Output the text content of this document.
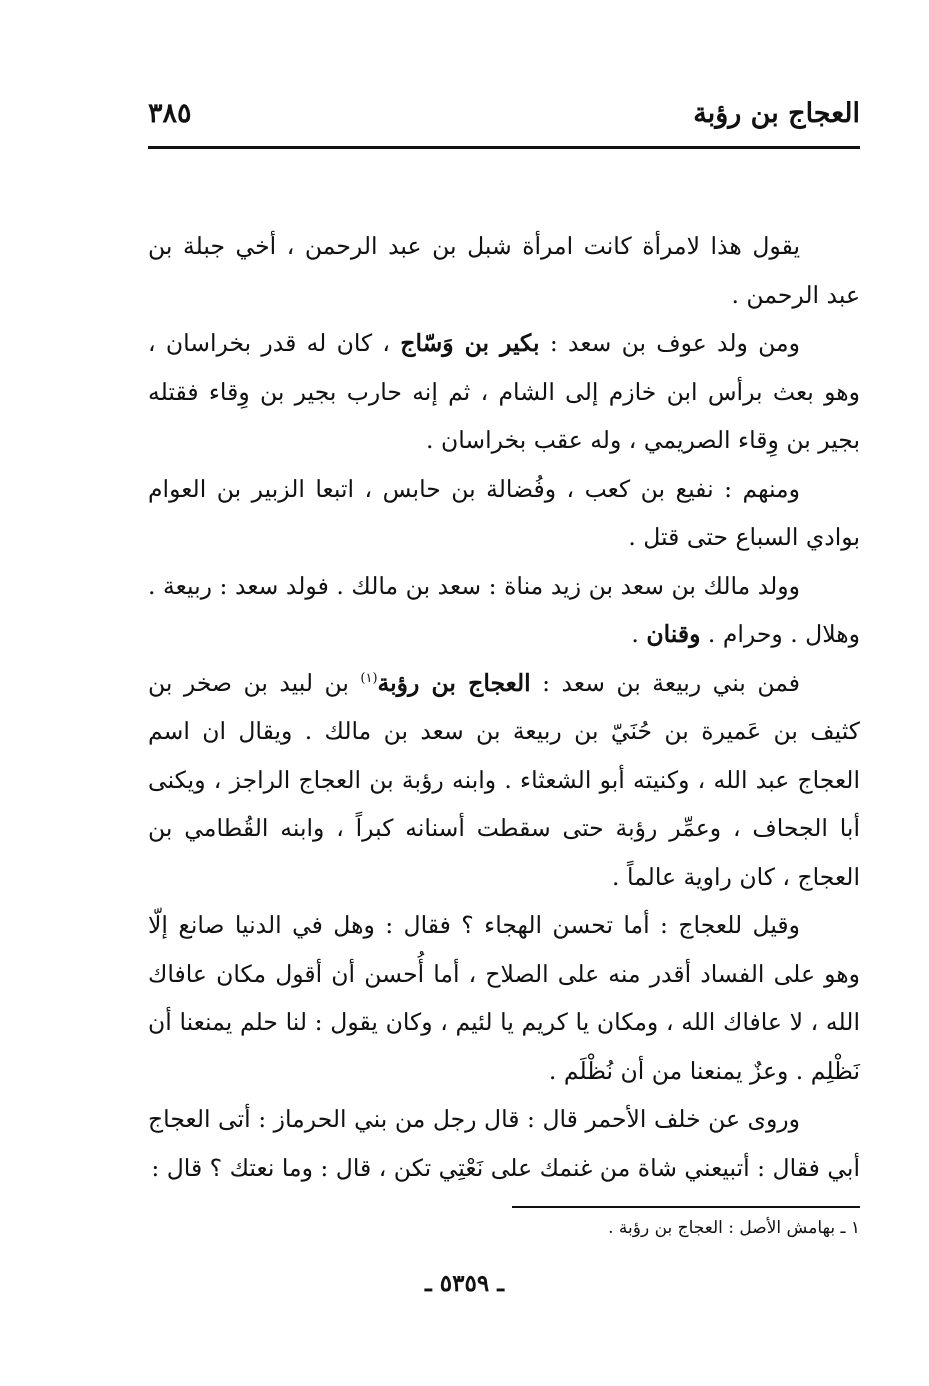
العجاج بن رؤبة
٣٨٥

يقول هذا لامرأة كانت امرأة شبل بن عبد الرحمن ، أخي جبلة بن عبد الرحمن .

ومن ولد عوف بن سعد : بكير بن وَسّاج ، كان له قدر بخراسان ، وهو بعث برأس ابن خازم إلى الشام ، ثم إنه حارب بجير بن وِقاء فقتله بجير بن وِقاء الصريمي ، وله عقب بخراسان .

ومنهم : نفيع بن كعب ، وفُضالة بن حابس ، اتبعا الزبير بن العوام بوادي السباع حتى قتل .

وولد مالك بن سعد بن زيد مناة : سعد بن مالك . فولد سعد : ربيعة . وهلال . وحرام . وقنان .

فمن بني ربيعة بن سعد : العجاج بن رؤبة$^{(١)}$ بن لبيد بن صخر بن كثيف بن عَميرة بن حُنَيّ بن ربيعة بن سعد بن مالك . ويقال ان اسم العجاج عبد الله ، وكنيته أبو الشعثاء . وابنه رؤبة بن العجاج الراجز ، ويكنى أبا الجحاف ، وعمِّر رؤبة حتى سقطت أسنانه كبراً ، وابنه القُطامي بن العجاج ، كان راوية عالماً .

وقيل للعجاج : أما تحسن الهجاء ؟ فقال : وهل في الدنيا صانع إلّا وهو على الفساد أقدر منه على الصلاح ، أما أُحسن أن أقول مكان عافاك الله ، لا عافاك الله ، ومكان يا كريم يا لئيم ، وكان يقول : لنا حلم يمنعنا أن نَظْلِم . وعزٌ يمنعنا من أن نُظْلَم .

وروى عن خلف الأحمر قال : قال رجل من بني الحرماز : أتى العجاج أبي فقال : أتبيعني شاة من غنمك على نَعْتِي تكن ، قال : وما نعتك ؟ قال :

١ ـ بهامش الأصل : العجاج بن رؤبة .
ـ ٥٣٥٩ ـ
